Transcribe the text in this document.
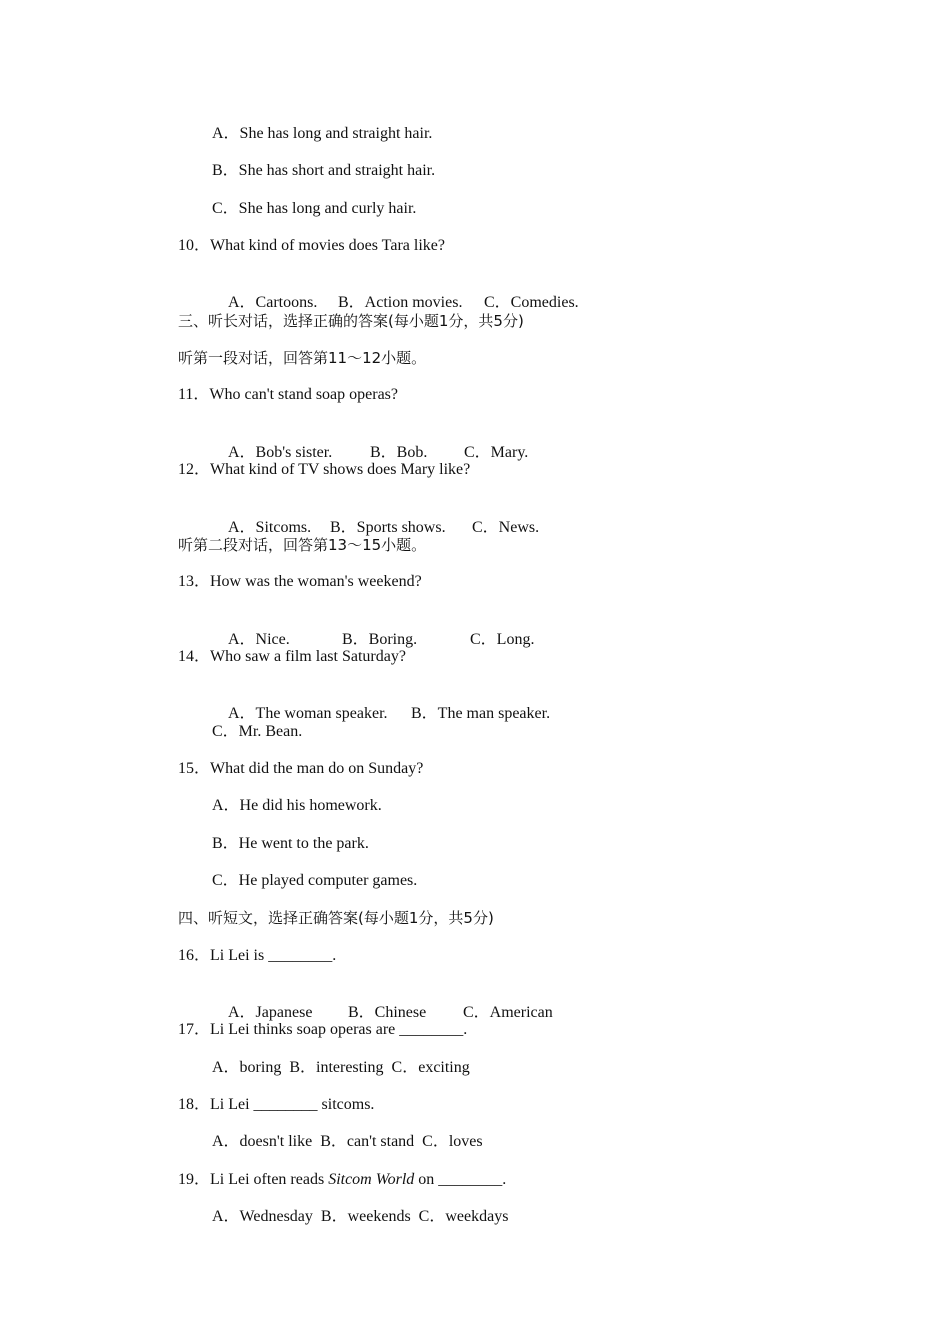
A．She has long and straight hair.
B．She has short and straight hair.
C．She has long and curly hair.
10．What kind of movies does Tara like?

A．Cartoons. B．Action movies. C．Comedies.

三、听长对话，选择正确的答案(每小题1分，共5分)
听第一段对话，回答第11～12小题。
11．Who can't stand soap operas?

A．Bob's sister. B．Bob. C．Mary.

12．What kind of TV shows does Mary like?

A．Sitcoms. B．Sports shows. C．News.

听第二段对话，回答第13～15小题。
13．How was the woman's weekend?

A．Nice.	B．Boring.	C．Long.

14．Who saw a film last Saturday?

A．The woman speaker. B．The man speaker.

C．Mr. Bean.
15．What did the man do on Sunday?
A．He did his homework.
B．He went to the park.
C．He played computer games.
四、听短文，选择正确答案(每小题1分，共5分)
16．Li Lei is ________.

A．Japanese B．Chinese C．American

17．Li Lei thinks soap operas are ________.
A．boring  B．interesting  C．exciting
18．Li Lei ________ sitcoms.
A．doesn't like  B．can't stand  C．loves
19．Li Lei often reads Sitcom World on ________.
A．Wednesday  B．weekends  C．weekdays
